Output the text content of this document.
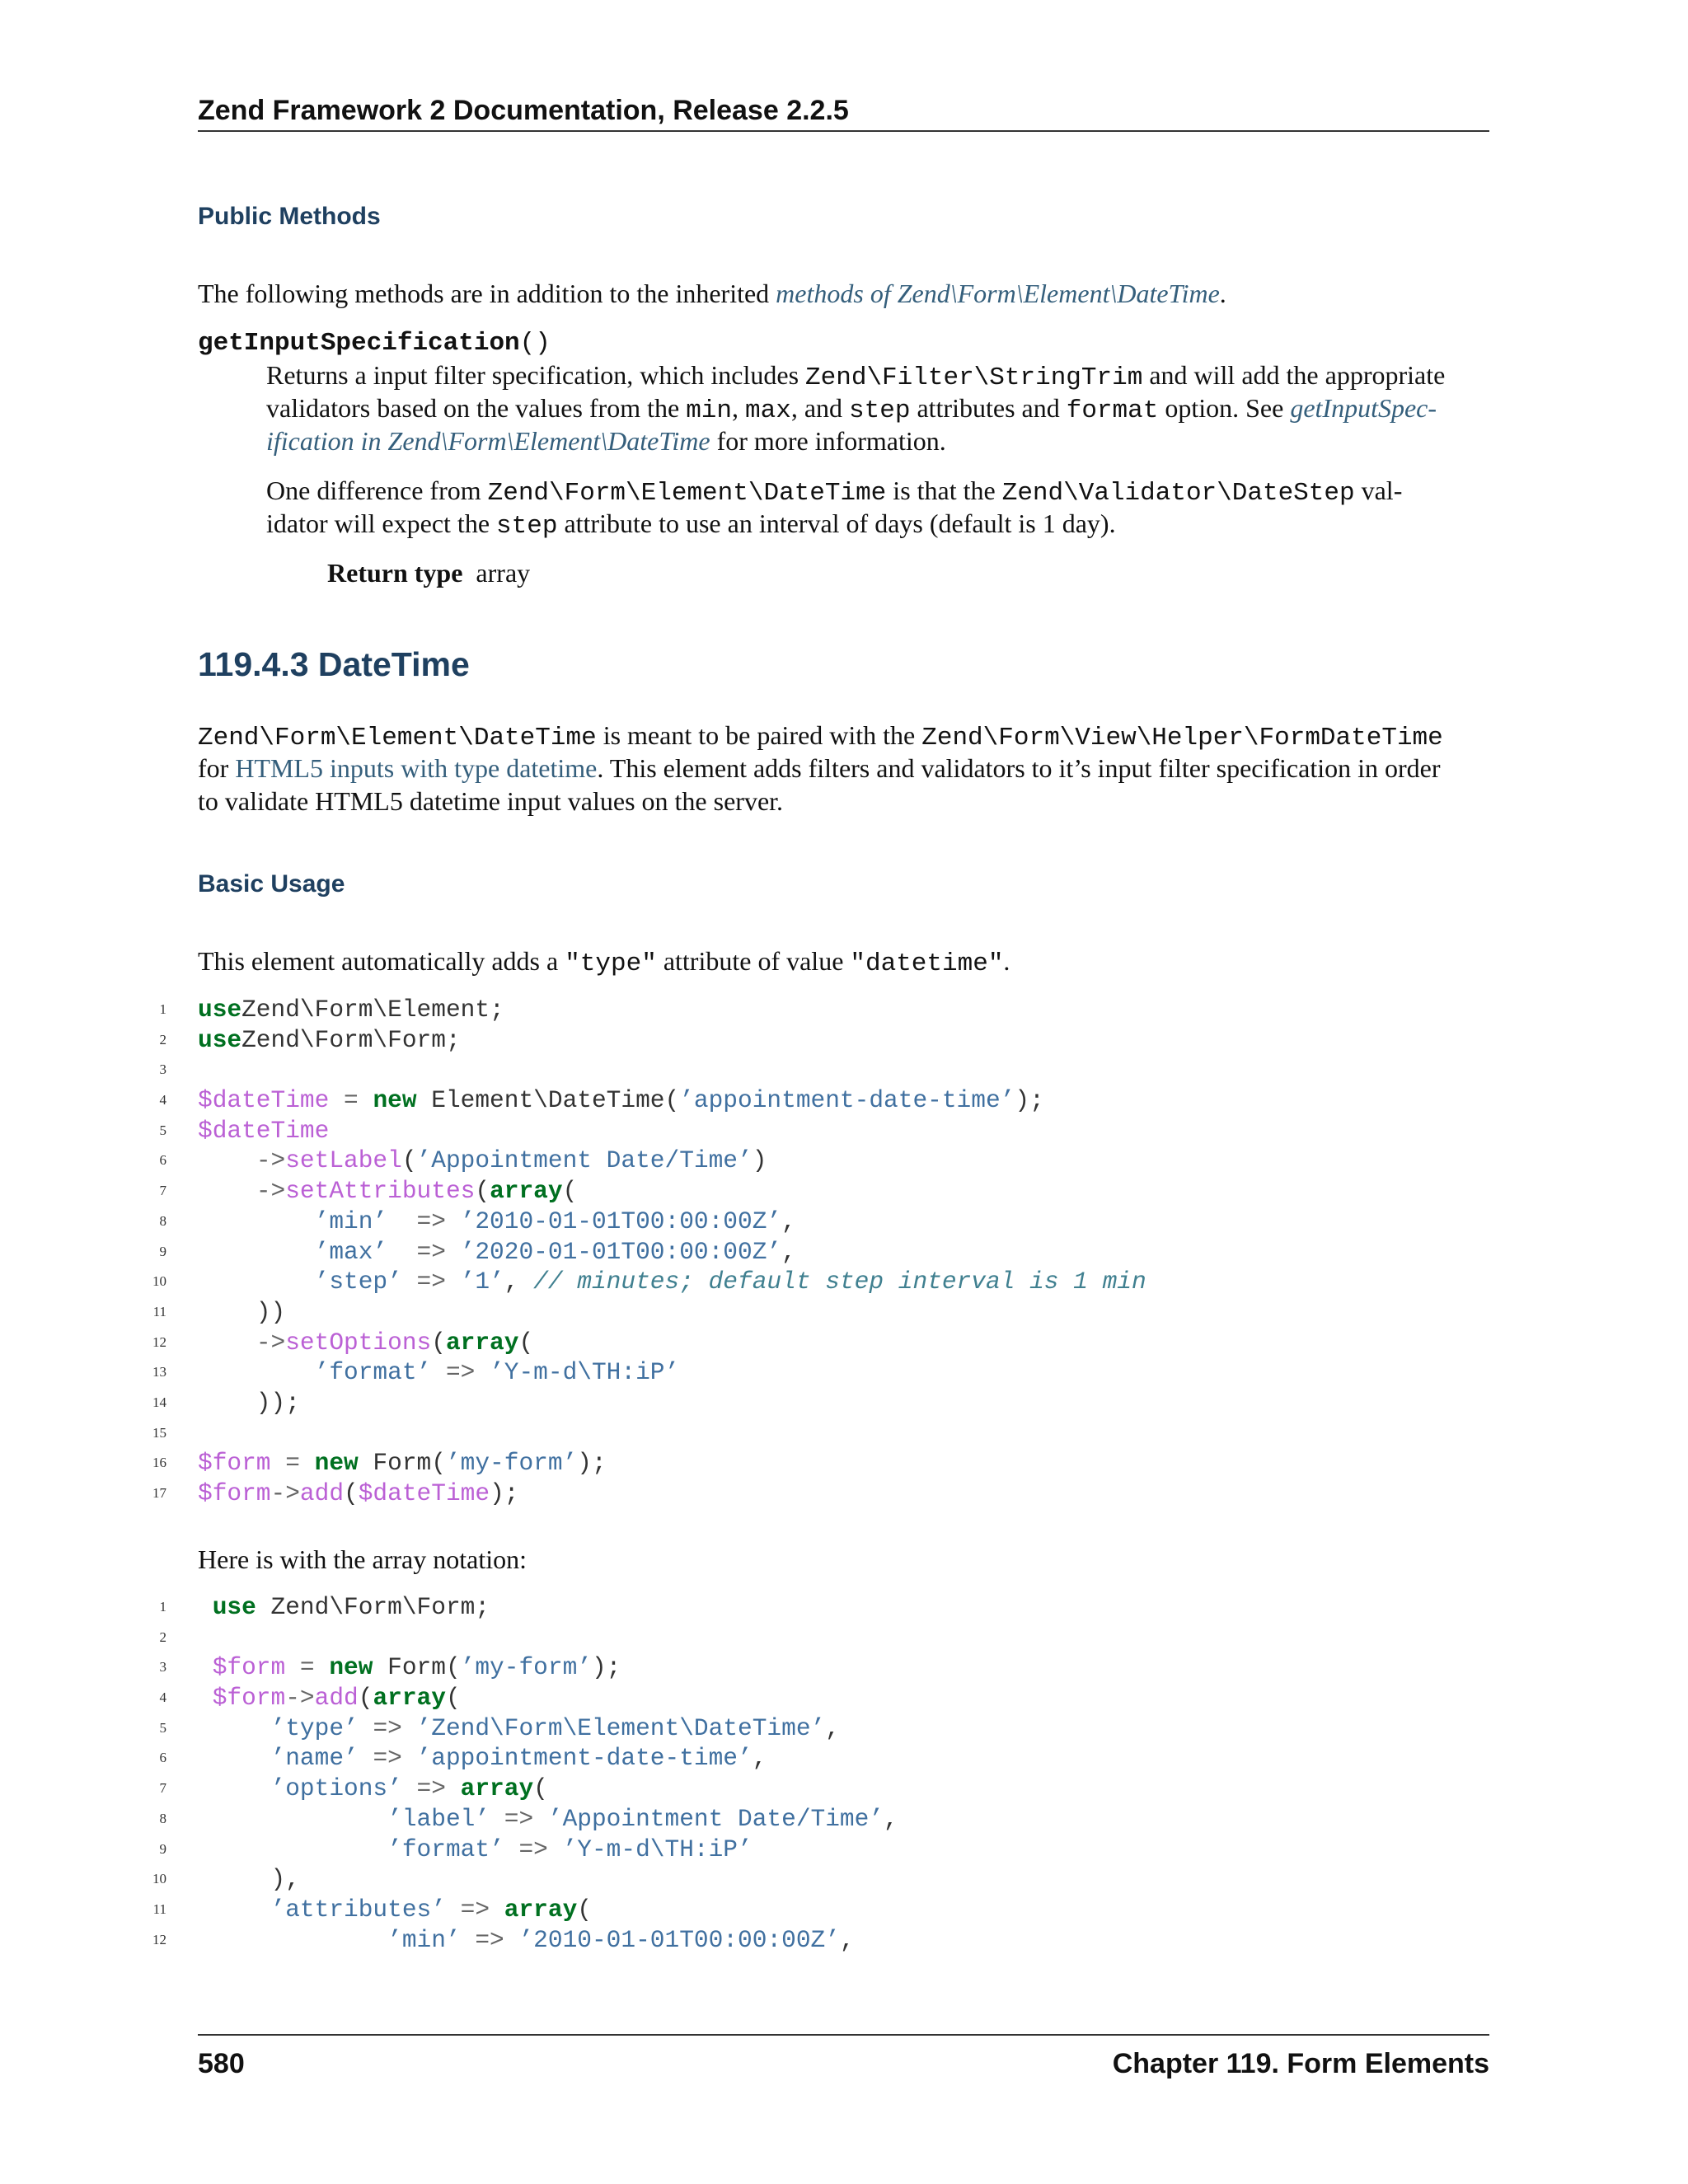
Zend Framework 2 Documentation, Release 2.2.5
Public Methods
The following methods are in addition to the inherited methods of Zend\Form\Element\DateTime.
getInputSpecification()
Returns a input filter specification, which includes Zend\Filter\StringTrim and will add the appropriate
validators based on the values from the min, max, and step attributes and format option. See getInputSpec-
ification in Zend\Form\Element\DateTime for more information.
One difference from Zend\Form\Element\DateTime is that the Zend\Validator\DateStep val-
idator will expect the step attribute to use an interval of days (default is 1 day).
Return type array
119.4.3 DateTime
Zend\Form\Element\DateTime is meant to be paired with the Zend\Form\View\Helper\FormDateTime
for HTML5 inputs with type datetime. This element adds filters and validators to it’s input filter specification in order
to validate HTML5 datetime input values on the server.
Basic Usage
This element automatically adds a "type" attribute of value "datetime".
1 useZend\Form\Element;
2 useZend\Form\Form;
3
4 $dateTime = new Element\DateTime(’appointment-date-time’);
5 $dateTime
6	->setLabel(’Appointment Date/Time’)
7	->setAttributes(array(
8	’min’ => ’2010-01-01T00:00:00Z’,
9	’max’ => ’2020-01-01T00:00:00Z’,
10	’step’ => ’1’, // minutes; default step interval is 1 min
11 ))
12	->setOptions(array(
13	’format’ => ’Y-m-d\TH:iP’
14 ));
15
16 $form = new Form(’my-form’);
17 $form->add($dateTime);
Here is with the array notation:
1	use Zend\Form\Form;
2
3	$form = new Form(’my-form’);
4	$form->add(array(
5	’type’ => ’Zend\Form\Element\DateTime’,
6	’name’ => ’appointment-date-time’,
7	’options’ => array(
8	’label’ => ’Appointment Date/Time’,
9	’format’ => ’Y-m-d\TH:iP’
10 ),
11	’attributes’ => array(
12	’min’ => ’2010-01-01T00:00:00Z’,
580	Chapter 119. Form Elements
